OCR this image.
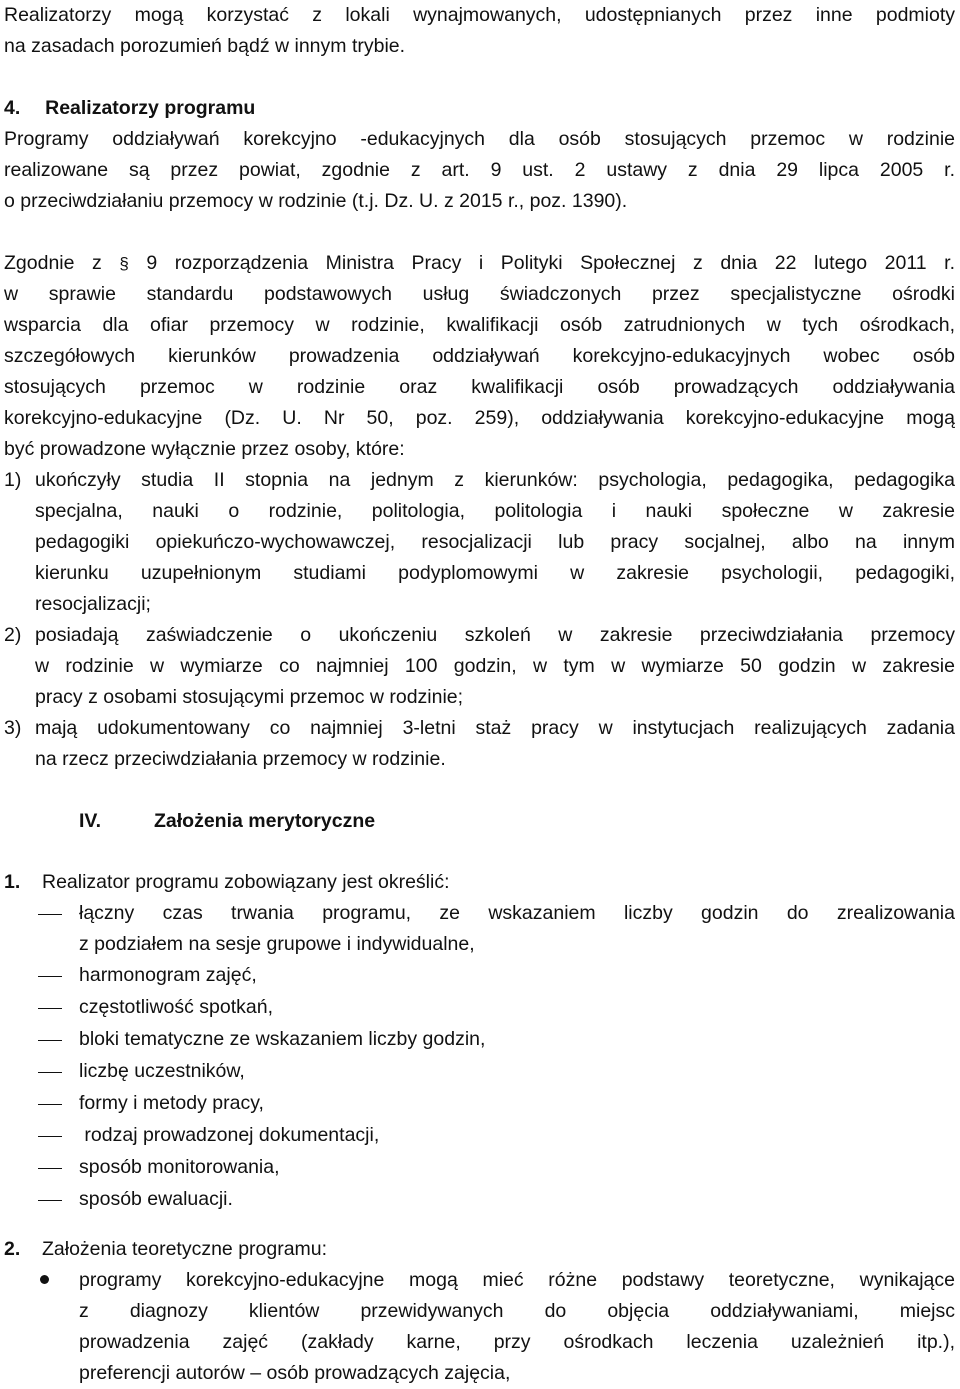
Realizatorzy mogą korzystać z lokali wynajmowanych, udostępnianych przez inne podmioty
na zasadach porozumień bądź w innym trybie.
4. Realizatorzy programu
Programy oddziaływań korekcyjno -edukacyjnych dla osób stosujących przemoc w rodzinie
realizowane są przez powiat, zgodnie z art. 9 ust. 2 ustawy z dnia 29 lipca 2005 r.
o przeciwdziałaniu przemocy w rodzinie (t.j. Dz. U. z 2015 r., poz. 1390).
Zgodnie z § 9 rozporządzenia Ministra Pracy i Polityki Społecznej z dnia 22 lutego 2011 r.
w sprawie standardu podstawowych usług świadczonych przez specjalistyczne ośrodki
wsparcia dla ofiar przemocy w rodzinie, kwalifikacji osób zatrudnionych w tych ośrodkach,
szczegółowych kierunków prowadzenia oddziaływań korekcyjno-edukacyjnych wobec osób
stosujących przemoc w rodzinie oraz kwalifikacji osób prowadzących oddziaływania
korekcyjno-edukacyjne (Dz. U. Nr 50, poz. 259), oddziaływania korekcyjno-edukacyjne mogą
być prowadzone wyłącznie przez osoby, które:
1) ukończyły studia II stopnia na jednym z kierunków: psychologia, pedagogika, pedagogika
specjalna, nauki o rodzinie, politologia, politologia i nauki społeczne w zakresie
pedagogiki opiekuńczo-wychowawczej, resocjalizacji lub pracy socjalnej, albo na innym
kierunku uzupełnionym studiami podyplomowymi w zakresie psychologii, pedagogiki,
resocjalizacji;
2) posiadają zaświadczenie o ukończeniu szkoleń w zakresie przeciwdziałania przemocy
w rodzinie w wymiarze co najmniej 100 godzin, w tym w wymiarze 50 godzin w zakresie
pracy z osobami stosującymi przemoc w rodzinie;
3) mają udokumentowany co najmniej 3-letni staż pracy w instytucjach realizujących zadania
na rzecz przeciwdziałania przemocy w rodzinie.
IV.	Założenia merytoryczne
1. Realizator programu zobowiązany jest określić:
łączny czas trwania programu, ze wskazaniem liczby godzin do zrealizowania
z podziałem na sesje grupowe i indywidualne,
harmonogram zajęć,
częstotliwość spotkań,
bloki tematyczne ze wskazaniem liczby godzin,
liczbę uczestników,
formy i metody pracy,
rodzaj prowadzonej dokumentacji,
sposób monitorowania,
sposób ewaluacji.
2. Założenia teoretyczne programu:
programy korekcyjno-edukacyjne mogą mieć różne podstawy teoretyczne, wynikające
z diagnozy klientów przewidywanych do objęcia oddziaływaniami, miejsc
prowadzenia zajęć (zakłady karne, przy ośrodkach leczenia uzależnień itp.),
preferencji autorów – osób prowadzących zajęcia,
